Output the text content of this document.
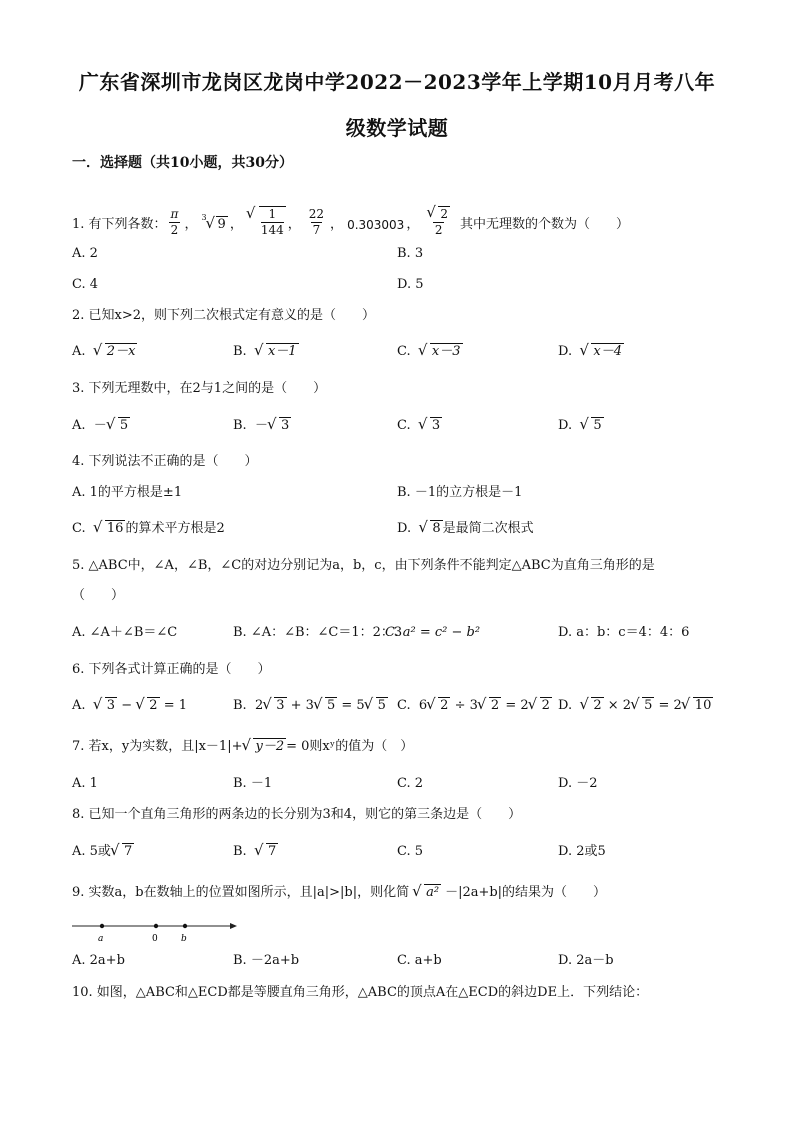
广东省深圳市龙岗区龙岗中学2022－2023学年上学期10月月考八年
级数学试题
一．选择题（共10小题，共30分）
1. 有下列各数： $\frac{\pi}{2}$ ， $^3$ √ 9 ， √ $\frac{1}{144}$ ， $\frac{22}{7}$ ， 0.303003 ， √ $\frac{2}{2}$ 其中无理数的个数为（　　）
A. 2	B. 3
C. 4	D. 5
2. 已知x>2，则下列二次根式定有意义的是（　　）
A. √ 2－x	B. √ x－1	C. √ x－3	D. √ x－4
3. 下列无理数中，在2与1之间的是（　　）
A. － √ 5	B. － √ 3	C. √ 3	D. √ 5
4. 下列说法不正确的是（　　）
A. 1的平方根是±1	B. －1的立方根是－1
C. √ 16 的算术平方根是2	D. √ 8 是最简二次根式
5. △ABC中，∠A，∠B，∠C的对边分别记为a，b，c，由下列条件不能判定△ABC为直角三角形的是
（　　）
A. ∠A＋∠B＝∠C	B. ∠A：∠B：∠C＝1：2：3
C. a² = c² − b²	D. a：b：c＝4：4：6
6. 下列各式计算正确的是（　　）
A. √ 3 − √ 2 = 1	B. 2 √ 3 + 3 √ 5 = 5 √ 5 C. 6 √ 2 ÷ 3 √ 2 = 2 √ 2 D. √ 2 × 2 √ 5 = 2 √ 10
7. 若x，y为实数，且|x－1|+ √ y－2 = 0则xʸ的值为（　）
A. 1	B. －1	C. 2	D. －2
8. 已知一个直角三角形的两条边的长分别为3和4，则它的第三条边是（　　）
A. 5或 √ 7	B. √ 7	C. 5	D. 2或5
9. 实数a，b在数轴上的位置如图所示，且|a|>|b|，则化简 √ a² －|2a+b|的结果为（　　）
a	0	b
A. 2a+b	B. －2a+b	C. a+b	D. 2a－b
10. 如图，△ABC和△ECD都是等腰直角三角形，△ABC的顶点A在△ECD的斜边DE上．下列结论：
